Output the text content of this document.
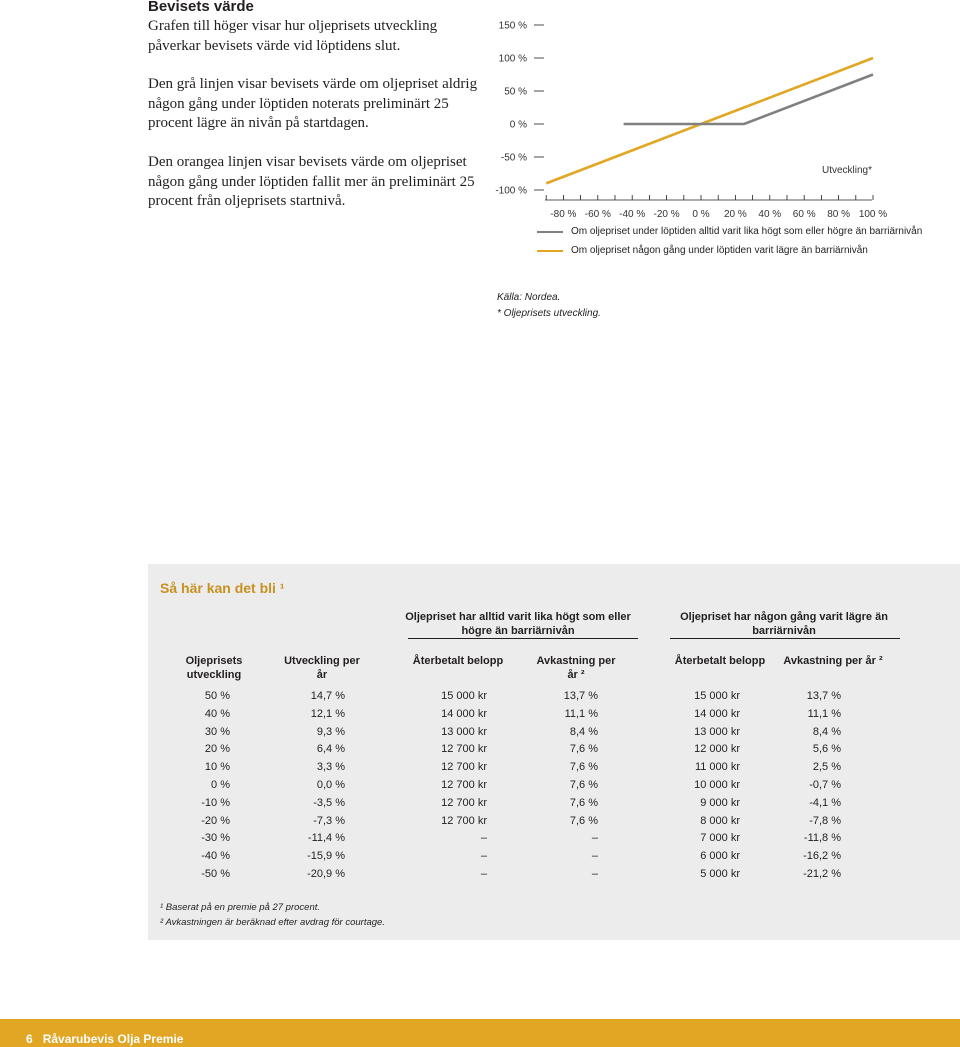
Bevisets värde
Grafen till höger visar hur oljeprisets utveckling påverkar bevisets värde vid löptidens slut.
Den grå linjen visar bevisets värde om oljepriset aldrig någon gång under löptiden noterats preliminärt 25 procent lägre än nivån på startdagen.
Den orangea linjen visar bevisets värde om oljepriset någon gång under löptiden fallit mer än preliminärt 25 procent från oljeprisets startnivå.
150 %
100 %
50 %
0 %
-50 %
-100 %
-80 % -60 % -40 % -20 % 0 % 20 % 40 % 60 % 80 % 100 %
Utveckling*
Om oljepriset under löptiden alltid varit lika högt som eller högre än barriärnivån
Om oljepriset någon gång under löptiden varit lägre än barriärnivån
Källa: Nordea.
* Oljeprisets utveckling.
Så här kan det bli ¹
Oljepriset har alltid varit lika högt som eller högre än barriärnivån
Oljepriset har någon gång varit lägre än barriärnivån
Oljeprisets utveckling
Utveckling per år
Återbetalt belopp	Avkastning per år ²
Återbetalt belopp	Avkastning per år ²
50 %	14,7 %	15 000 kr	13,7 %	15 000 kr	13,7 %
40 %	12,1 %	14 000 kr	11,1 %	14 000 kr	11,1 %
30 %	9,3 %	13 000 kr	8,4 %	13 000 kr	8,4 %
20 %	6,4 %	12 700 kr	7,6 %	12 000 kr	5,6 %
10 %	3,3 %	12 700 kr	7,6 %	11 000 kr	2,5 %
0 %	0,0 %	12 700 kr	7,6 %	10 000 kr	-0,7 %
-10 %	-3,5 %	12 700 kr	7,6 %	9 000 kr	-4,1 %
-20 %	-7,3 %	12 700 kr	7,6 %	8 000 kr	-7,8 %
-30 %	-11,4 %	–	–	7 000 kr	-11,8 %
-40 %	-15,9 %	–	–	6 000 kr	-16,2 %
-50 %	-20,9 %	–	–	5 000 kr	-21,2 %
¹ Baserat på en premie på 27 procent.
² Avkastningen är beräknad efter avdrag för courtage.
6 Råvarubevis Olja Premie
